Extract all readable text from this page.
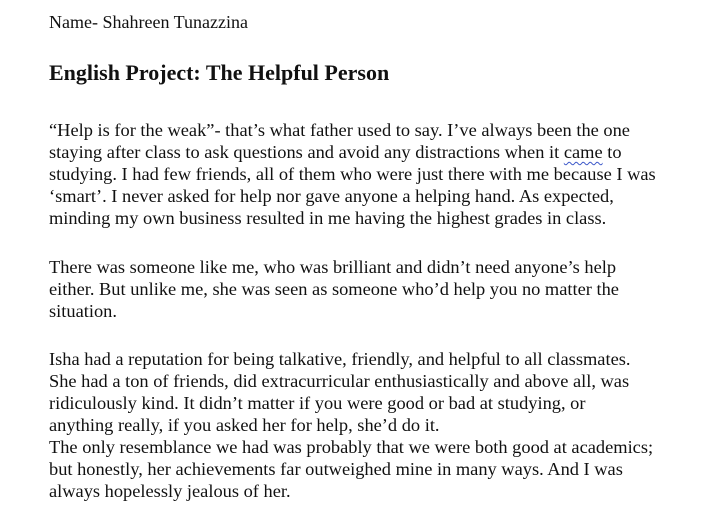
Name- Shahreen Tunazzina
English Project: The Helpful Person
“Help is for the weak”- that’s what father used to say. I’ve always been the one
staying after class to ask questions and avoid any distractions when it came to
studying. I had few friends, all of them who were just there with me because I was
‘smart’. I never asked for help nor gave anyone a helping hand. As expected,
minding my own business resulted in me having the highest grades in class.
There was someone like me, who was brilliant and didn’t need anyone’s help
either. But unlike me, she was seen as someone who’d help you no matter the
situation.
Isha had a reputation for being talkative, friendly, and helpful to all classmates.
She had a ton of friends, did extracurricular enthusiastically and above all, was
ridiculously kind. It didn’t matter if you were good or bad at studying, or
anything really, if you asked her for help, she’d do it.
The only resemblance we had was probably that we were both good at academics;
but honestly, her achievements far outweighed mine in many ways. And I was
always hopelessly jealous of her.
